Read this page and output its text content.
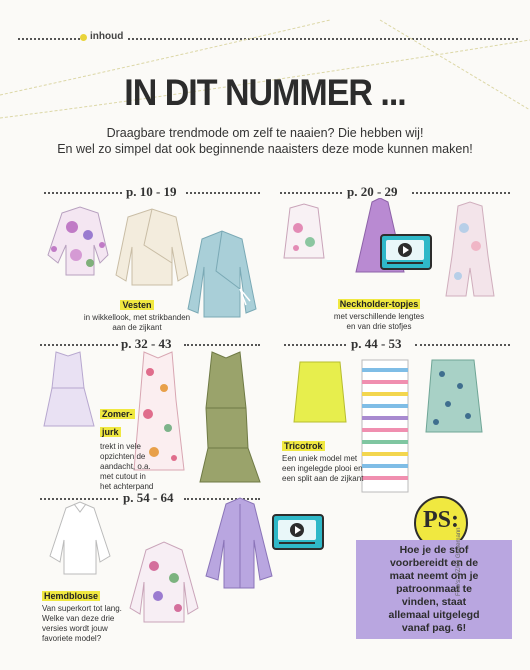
inhoud
IN DIT NUMMER ...
Draagbare trendmode om zelf te naaien? Die hebben wij!
En wel zo simpel dat ook beginnende naaisters deze mode kunnen maken!
p. 10 - 19
Vesten
in wikkellook, met strikbanden
aan de zijkant
p. 20 - 29
Neckholder-topjes
met verschillende lengtes
en van drie stofjes
p. 32 - 43
Zomer-
jurk
trekt in vele
opzichten de
aandacht, o.a.
met cutout in
het achterpand
p. 44 - 53
Tricotrok
Een uniek model met
een ingelegde plooi en
een split aan de zijkant
p. 54 - 64
Hemdblouse
Van superkort tot lang.
Welke van deze drie
versies wordt jouw
favoriete model?
PS:
Hoe je de stof
voorbereidt en de
maat neemt om je
patroonmaat te
vinden, staat
allemaal uitgelegd
vanaf pag. 6!
Foto's: UZ/Uli Glasemann
